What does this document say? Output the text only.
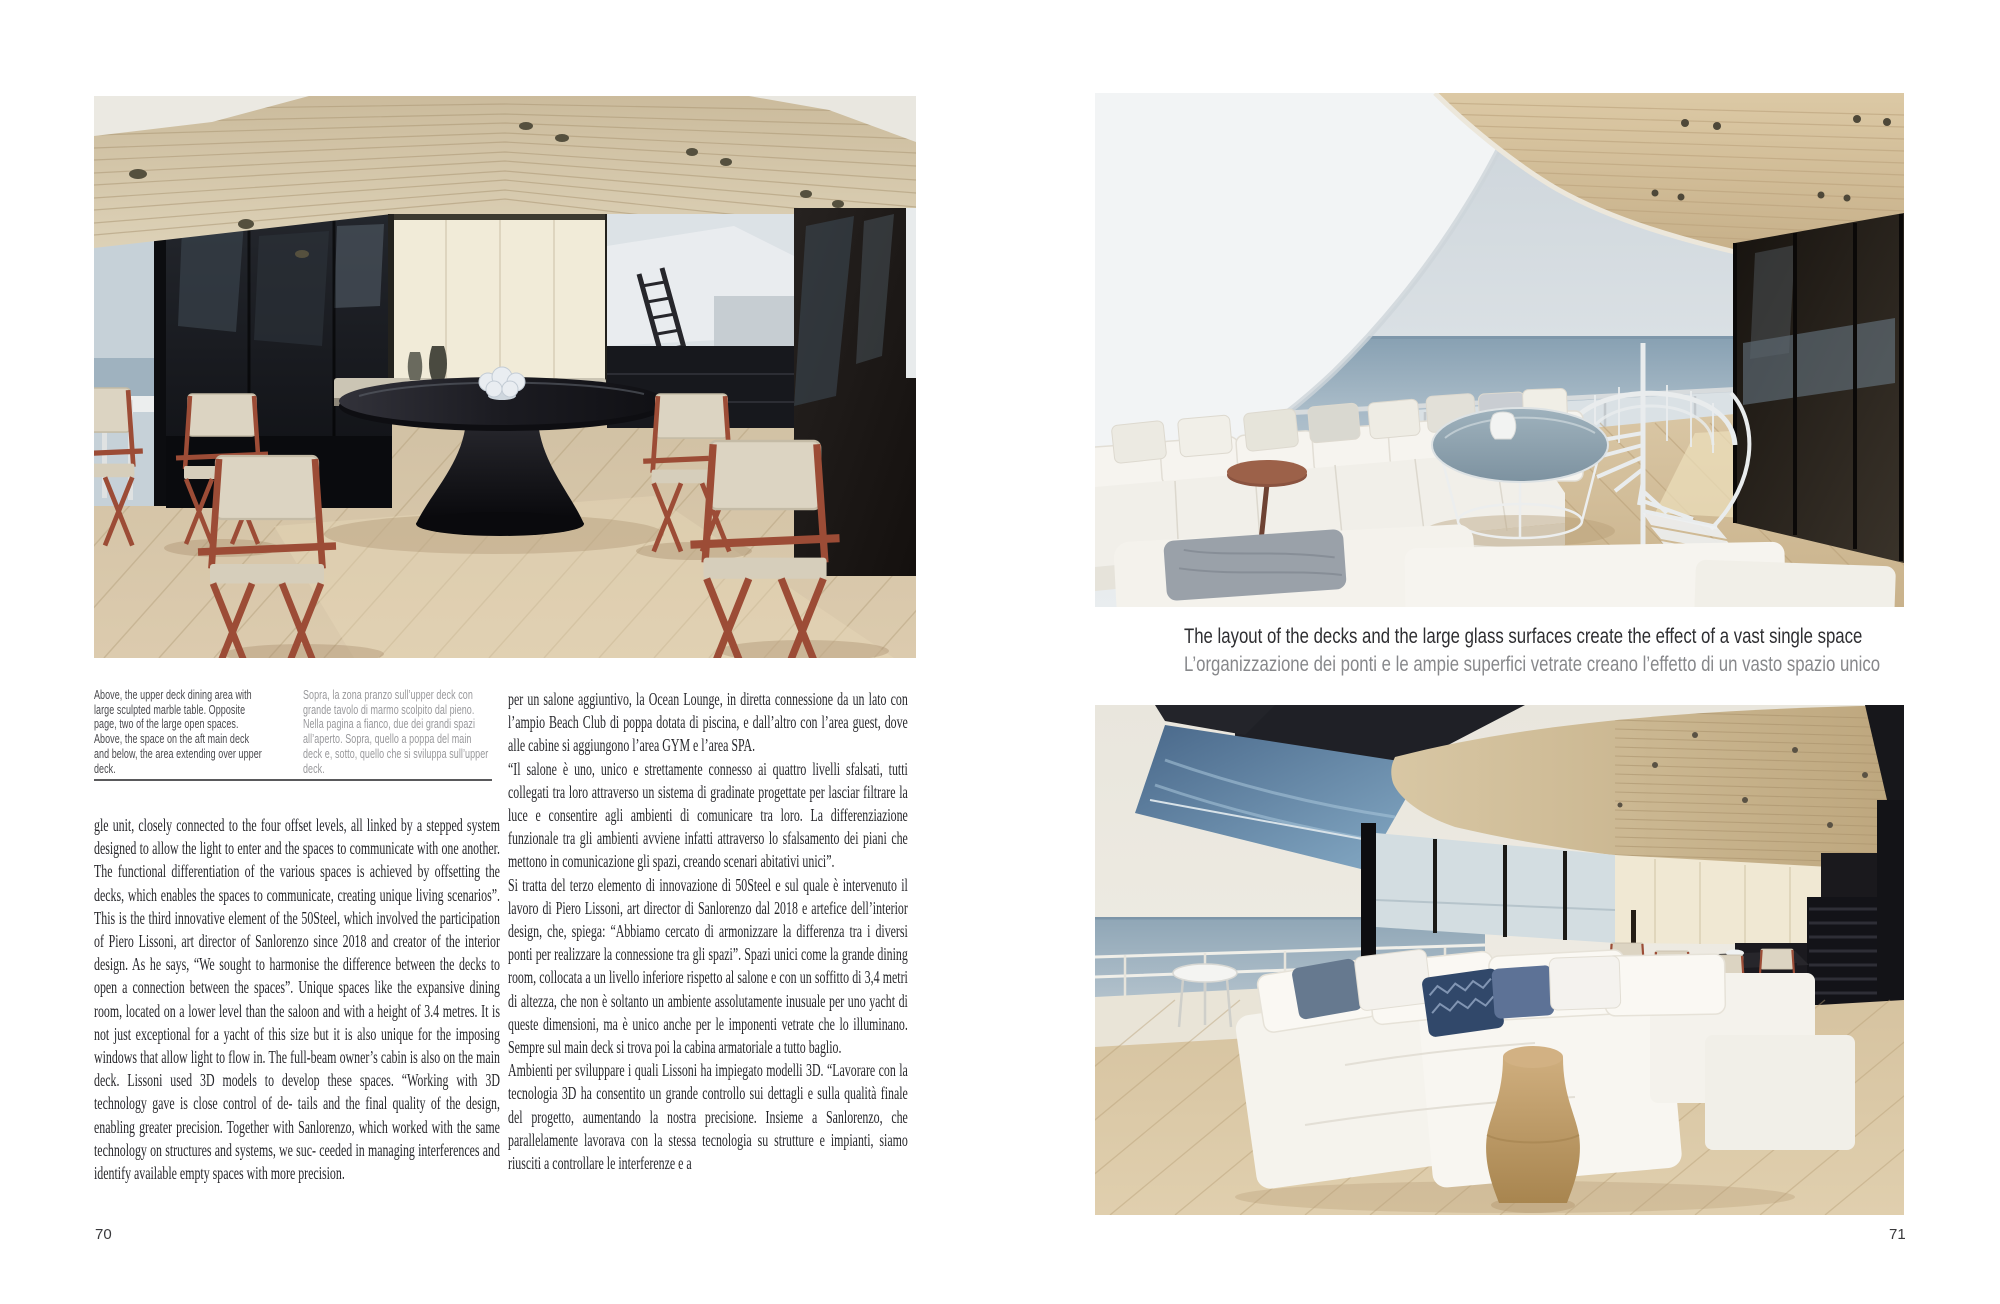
Above, the upper deck dining area with large sculpted marble table. Opposite page, two of the large open spaces. Above, the space on the aft main deck and below, the area extending over upper deck.
Sopra, la zona pranzo sull’upper deck con grande tavolo di marmo scolpito dal pieno. Nella pagina a fianco, due dei grandi spazi all’aperto. Sopra, quello a poppa del main deck e, sotto, quello che si sviluppa sull’upper deck.

gle unit, closely connected to the four offset levels, all linked by a stepped system designed to allow the light to enter and the spaces to communicate with one another. The functional differentiation of the various spaces is achieved by offsetting the decks, which enables the spaces to communicate, creating unique living scenarios”. This is the third innovative element of the 50Steel, which involved the participation of Piero Lissoni, art director of Sanlorenzo since 2018 and creator of the interior design. As he says, “We sought to harmonise the difference between the decks to open a connection between the spaces”. Unique spaces like the expansive dining room, located on a lower level than the saloon and with a height of 3.4 metres. It is not just exceptional for a yacht of this size but it is also unique for the imposing windows that allow light to flow in. The full-beam owner’s cabin is also on the main deck. Lissoni used 3D models to develop these spaces. “Working with 3D technology gave is close control of de- tails and the final quality of the design, enabling greater precision. Together with Sanlorenzo, which worked with the same technology on structures and systems, we suc- ceeded in managing interferences and identify available empty spaces with more precision.

per un salone aggiuntivo, la Ocean Lounge, in diretta connessione da un lato con l’ampio Beach Club di poppa dotata di piscina, e dall’altro con l’area guest, dove alle cabine si aggiungono l’area GYM e l’area SPA.

“Il salone è uno, unico e strettamente connesso ai quattro livelli sfalsati, tutti collegati tra loro attraverso un sistema di gradinate progettate per lasciar filtrare la luce e consentire agli ambienti di comunicare tra loro. La differenziazione funzionale tra gli ambienti avviene infatti attraverso lo sfalsamento dei piani che mettono in comunicazione gli spazi, creando scenari abitativi unici”.

Si tratta del terzo elemento di innovazione di 50Steel e sul quale è intervenuto il lavoro di Piero Lissoni, art director di Sanlorenzo dal 2018 e artefice dell’interior design, che, spiega: “Abbiamo cercato di armonizzare la differenza tra i diversi ponti per realizzare la connessione tra gli spazi”. Spazi unici come la grande dining room, collocata a un livello inferiore rispetto al salone e con un soffitto di 3,4 metri di altezza, che non è soltanto un ambiente assolutamente inusuale per uno yacht di queste dimensioni, ma è unico anche per le imponenti vetrate che lo illuminano. Sempre sul main deck si trova poi la cabina armatoriale a tutto baglio.

Ambienti per sviluppare i quali Lissoni ha impiegato modelli 3D. “Lavorare con la tecnologia 3D ha consentito un grande controllo sui dettagli e sulla qualità finale del progetto, aumentando la nostra precisione. Insieme a Sanlorenzo, che parallelamente lavorava con la stessa tecnologia su strutture e impianti, siamo riusciti a controllare le interferenze e a

70
The layout of the decks and the large glass surfaces create the effect of a vast single space
L’organizzazione dei ponti e le ampie superfici vetrate creano l’effetto di un vasto spazio unico
71
